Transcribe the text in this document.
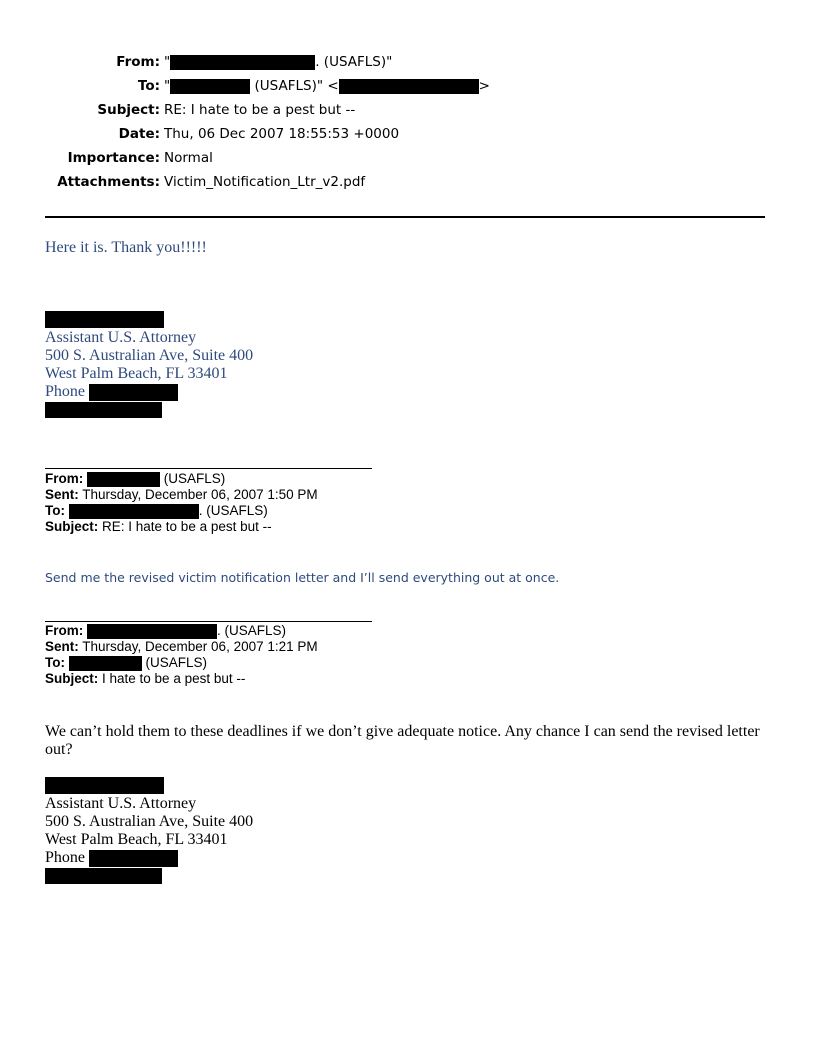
From: "	. (USAFLS)"
To: "	(USAFLS)" <	>
Subject: RE: I hate to be a pest but --
Date: Thu, 06 Dec 2007 18:55:53 +0000
Importance: Normal
Attachments: Victim_Notification_Ltr_v2.pdf
Here it is. Thank you!!!!!
Assistant U.S. Attorney
500 S. Australian Ave, Suite 400
West Palm Beach, FL 33401
Phone
From:	(USAFLS)
Sent: Thursday, December 06, 2007 1:50 PM
To:	. (USAFLS)
Subject: RE: I hate to be a pest but --
Send me the revised victim notification letter and I’ll send everything out at once.
From:	. (USAFLS)
Sent: Thursday, December 06, 2007 1:21 PM
To:	(USAFLS)
Subject: I hate to be a pest but --
We can’t hold them to these deadlines if we don’t give adequate notice. Any chance I can send the revised letter
out?
Assistant U.S. Attorney
500 S. Australian Ave, Suite 400
West Palm Beach, FL 33401
Phone
